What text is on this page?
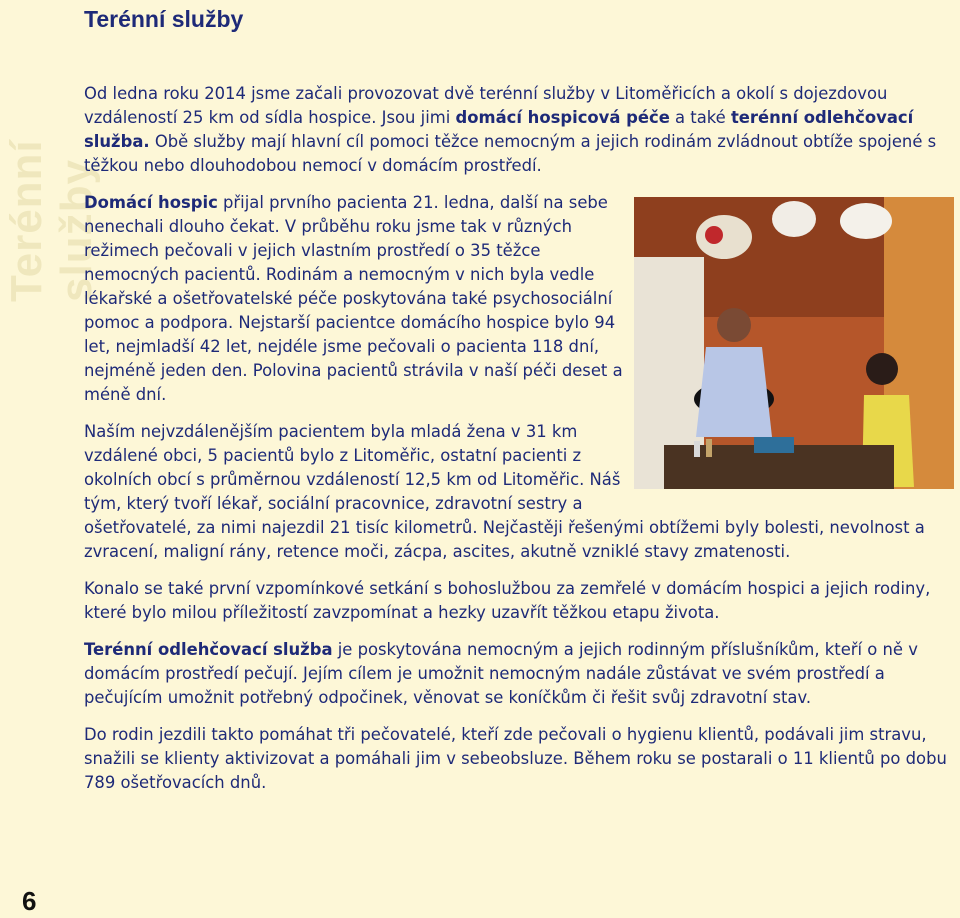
Terénní služby
6
Terénní služby

Od ledna roku 2014 jsme začali provozovat dvě terénní služby v Litoměřicích a okolí s dojezdovou vzdáleností 25 km od sídla hospice. Jsou jimi domácí hospicová péče a také terénní odlehčovací služba. Obě služby mají hlavní cíl pomoci těžce nemocným a jejich rodinám zvládnout obtíže spojené s těžkou nebo dlouhodobou nemocí v domácím prostředí.

Domácí hospic přijal prvního pacienta 21. ledna, další na sebe nenechali dlouho čekat. V průběhu roku jsme tak v různých režimech pečovali v jejich vlastním prostředí o 35 těžce nemocných pacientů. Rodinám a nemocným v nich byla vedle lékařské a ošetřovatelské péče poskytována také psychosociální pomoc a podpora. Nejstarší pacientce domácího hospice bylo 94 let, nejmladší 42 let, nejdéle jsme pečovali o pacienta 118 dní, nejméně jeden den. Polovina pacientů strávila v naší péči deset a méně dní.

Naším nejvzdálenějším pacientem byla mladá žena v 31 km vzdálené obci, 5 pacientů bylo z Litoměřic, ostatní pacienti z okolních obcí s průměrnou vzdáleností 12,5 km od Litoměřic. Náš tým, který tvoří lékař, sociální pracovnice, zdravotní sestry a ošetřovatelé, za nimi najezdil 21 tisíc kilometrů. Nejčastěji řešenými obtížemi byly bolesti, nevolnost a zvracení, maligní rány, retence moči, zácpa, ascites, akutně vzniklé stavy zmatenosti.

Konalo se také první vzpomínkové setkání s bohoslužbou za zemřelé v domácím hospici a jejich rodiny, které bylo milou příležitostí zavzpomínat a hezky uzavřít těžkou etapu života.

Terénní odlehčovací služba je poskytována nemocným a jejich rodinným příslušníkům, kteří o ně v domácím prostředí pečují. Jejím cílem je umožnit nemocným nadále zůstávat ve svém prostředí a pečujícím umožnit potřebný odpočinek, věnovat se koníčkům či řešit svůj zdravotní stav.

Do rodin jezdili takto pomáhat tři pečovatelé, kteří zde pečovali o hygienu klientů, podávali jim stravu, snažili se klienty aktivizovat a pomáhali jim v sebeobsluze. Během roku se postarali o 11 klientů po dobu 789 ošetřovacích dnů.
